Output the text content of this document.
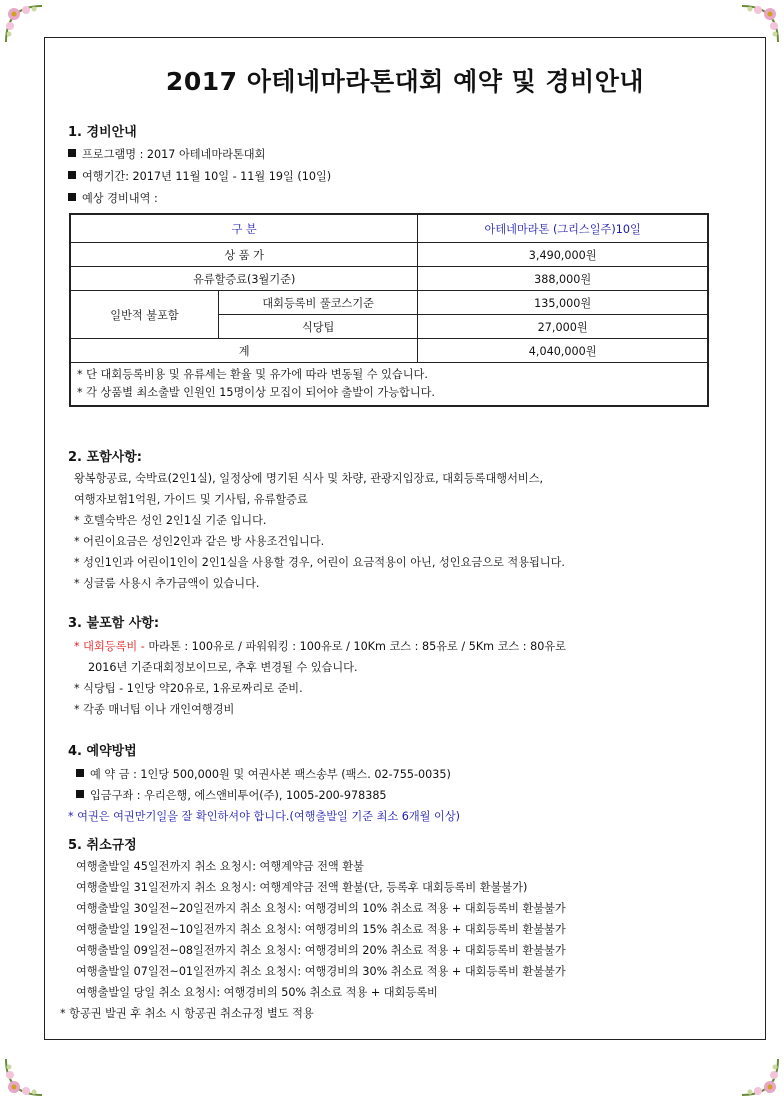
2017 아테네마라톤대회 예약 및 경비안내
1. 경비안내
프로그램명 : 2017 아테네마라톤대회
여행기간: 2017년 11월 10일 - 11월 19일 (10일)
예상 경비내역 :
구 분		아테네마라톤 (그리스일주)10일
상 품 가		3,490,000원
유류할증료(3월기준)		388,000원
일반적 불포함	대회등록비 풀코스기준	135,000원
	식당팁	27,000원
계		4,040,000원

* 단 대회등록비용 및 유류세는 환율 및 유가에 따라 변동될 수 있습니다.
* 각 상품별 최소출발 인원인 15명이상 모집이 되어야 출발이 가능합니다.		
2. 포함사항:
왕복항공료, 숙박료(2인1실), 일정상에 명기된 식사 및 차량, 관광지입장료, 대회등록대행서비스,
여행자보험1억원, 가이드 및 기사팁, 유류할증료
* 호텔숙박은 성인 2인1실 기준 입니다.
* 어린이요금은 성인2인과 같은 방 사용조건입니다.
* 성인1인과 어린이1인이 2인1실을 사용할 경우, 어린이 요금적용이 아닌, 성인요금으로 적용됩니다.
* 싱글룸 사용시 추가금액이 있습니다.
3. 불포함 사항:
* 대회등록비 - 마라톤 : 100유로 / 파워워킹 : 100유로 / 10Km 코스 : 85유로 / 5Km 코스 : 80유로
2016년 기준대회정보이므로, 추후 변경될 수 있습니다.
* 식당팁 - 1인당 약20유로, 1유로짜리로 준비.
* 각종 매너팁 이나 개인여행경비
4. 예약방법
예 약 금 : 1인당 500,000원 및 여권사본 팩스송부 (팩스. 02-755-0035)
입금구좌 : 우리은행, 에스앤비투어(주), 1005-200-978385
* 여권은 여권만기일을 잘 확인하셔야 합니다.(여행출발일 기준 최소 6개월 이상)
5. 취소규정
여행출발일 45일전까지 취소 요청시: 여행계약금 전액 환불
여행출발일 31일전까지 취소 요청시: 여행계약금 전액 환불(단, 등록후 대회등록비 환불불가)
여행출발일 30일전~20일전까지 취소 요청시: 여행경비의 10% 취소료 적용 + 대회등록비 환불불가
여행출발일 19일전~10일전까지 취소 요청시: 여행경비의 15% 취소료 적용 + 대회등록비 환불불가
여행출발일 09일전~08일전까지 취소 요청시: 여행경비의 20% 취소료 적용 + 대회등록비 환불불가
여행출발일 07일전~01일전까지 취소 요청시: 여행경비의 30% 취소료 적용 + 대회등록비 환불불가
여행출발일 당일 취소 요청시: 여행경비의 50% 취소료 적용 + 대회등록비
* 항공권 발권 후 취소 시 항공권 취소규정 별도 적용
